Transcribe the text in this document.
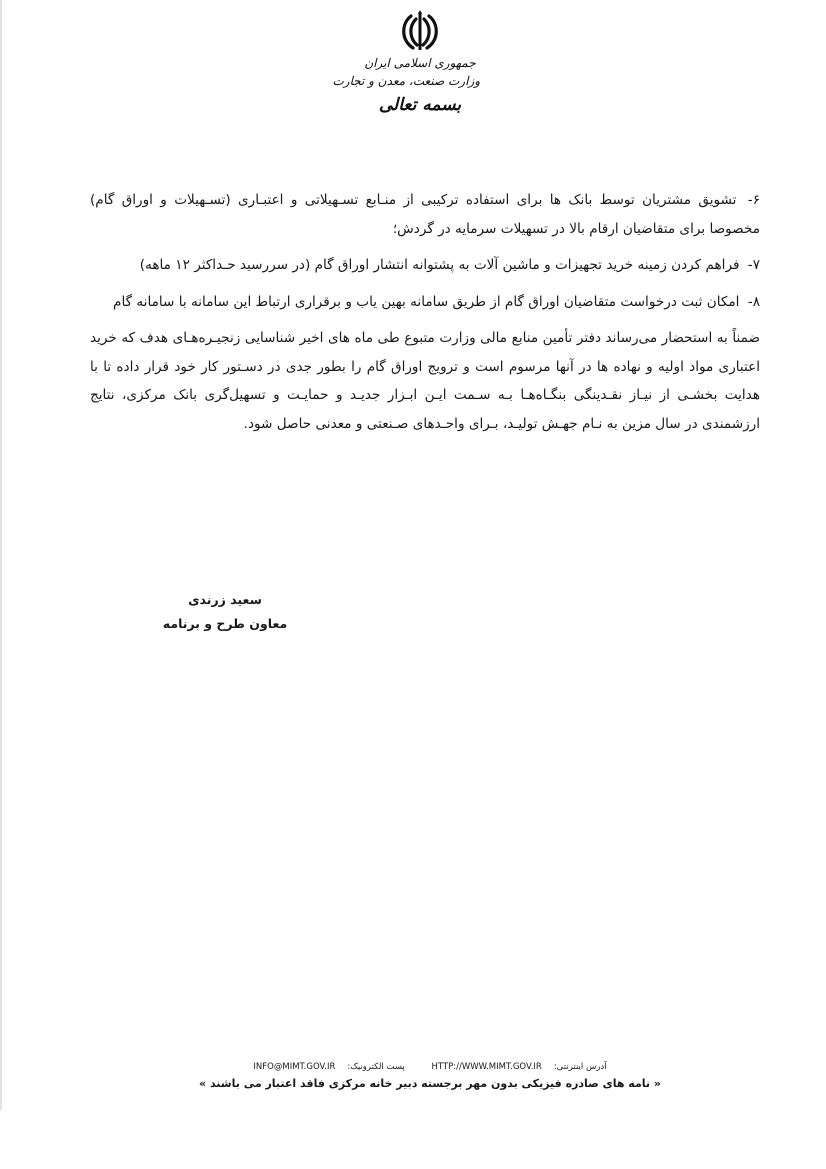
جمهوری اسلامی ایران
وزارت صنعت، معدن و تجارت
بسمه تعالی

۶- تشویق مشتریان توسط بانک ها برای استفاده ترکیبی از منـابع تسـهیلاتی و اعتبـاری (تسـهیلات و اوراق گام) مخصوصا برای متقاضیان ارقام بالا در تسهیلات سرمایه در گردش؛

۷- فراهم کردن زمینه خرید تجهیزات و ماشین آلات به پشتوانه انتشار اوراق گام (در سررسید حـداکثر ۱۲ ماهه)

۸- امکان ثبت درخواست متقاضیان اوراق گام از طریق سامانه بهین یاب و برقراری ارتباط این سامانه با سامانه گام

ضمناً به استحضار می‌رساند دفتر تأمین منابع مالی وزارت متبوع طی ماه های اخیر شناسایی زنجیـره‌هـای هدف که خرید اعتباری مواد اولیه و نهاده ها در آنها مرسوم است و ترویج اوراق گام را بطور جدی در دسـتور کار خود قرار داده تا با هدایت بخشـی از نیـاز نقـدینگی بنگـاه‌هـا بـه سـمت ایـن ابـزار جدیـد و حمایـت و تسهیل‌گری بانک مرکزی، نتایج ارزشمندی در سال مزین به نـام جهـش تولیـد، بـرای واحـدهای صـنعتی و معدنی حاصل شود.

سعید زرندی
معاون طرح و برنامه
آدرس اینترنتی:HTTP://WWW.MIMT.GOV.IR پست الکترونیک:INFO@MIMT.GOV.IR
« نامه های صادره فیزیکی بدون مهر برجسته دبیر خانه مرکزی فاقد اعتبار می باشند »
